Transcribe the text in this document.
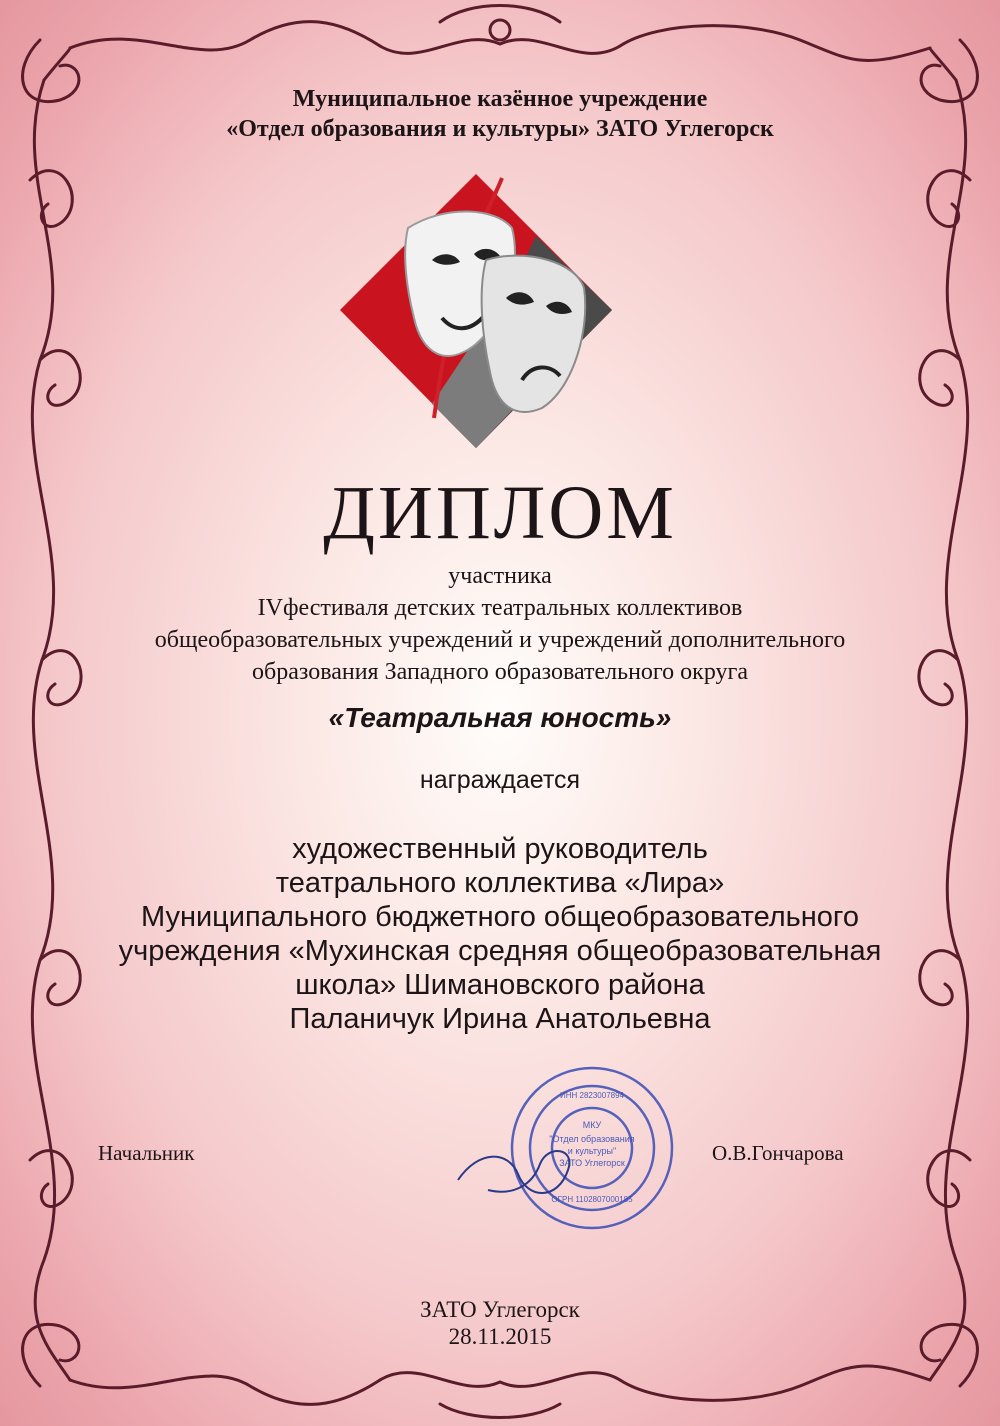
Муниципальное казённое учреждение
«Отдел образования и культуры» ЗАТО Углегорск
ДИПЛОМ
участника
IVфестиваля детских театральных коллективов
общеобразовательных учреждений и учреждений дополнительного
образования Западного образовательного округа
«Театральная юность»
награждается
художественный руководитель
театрального коллектива «Лира»
Муниципального бюджетного общеобразовательного
учреждения «Мухинская средняя общеобразовательная
школа» Шимановского района
Паланичук Ирина Анатольевна
Начальник
МКУ
"Отдел образования
и культуры"
ЗАТО Углегорск
ИНН 2823007894
ОГРН 1102807000185
О.В.Гончарова
ЗАТО Углегорск
28.11.2015
